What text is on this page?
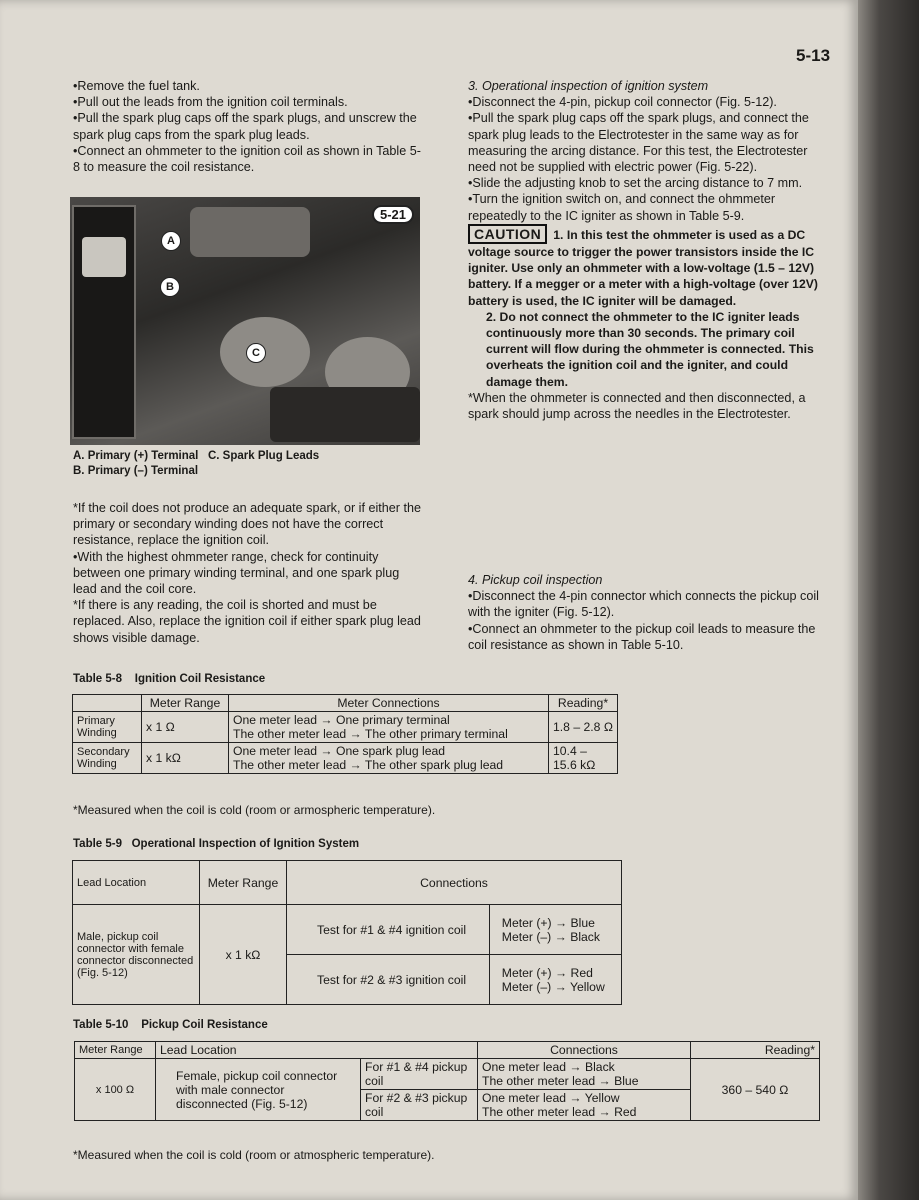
5-13

•Remove the fuel tank.

•Pull out the leads from the ignition coil terminals.

•Pull the spark plug caps off the spark plugs, and unscrew the spark plug caps from the spark plug leads.

•Connect an ohmmeter to the ignition coil as shown in Table 5-8 to measure the coil resistance.

5-21
A
B
C
A. Primary (+) Terminal C. Spark Plug Leads
B. Primary (–) Terminal

*If the coil does not produce an adequate spark, or if either the primary or secondary winding does not have the correct resistance, replace the ignition coil.

•With the highest ohmmeter range, check for continuity between one primary winding terminal, and one spark plug lead and the coil core.

*If there is any reading, the coil is shorted and must be replaced. Also, replace the ignition coil if either spark plug lead shows visible damage.

3. Operational inspection of ignition system

•Disconnect the 4-pin, pickup coil connector (Fig. 5-12).

•Pull the spark plug caps off the spark plugs, and connect the spark plug leads to the Electrotester in the same way as for measuring the arcing distance. For this test, the Electrotester need not be supplied with electric power (Fig. 5-22).

•Slide the adjusting knob to set the arcing distance to 7 mm.

•Turn the ignition switch on, and connect the ohmmeter repeatedly to the IC igniter as shown in Table 5-9.

CAUTION 1. In this test the ohmmeter is used as a DC voltage source to trigger the power transistors inside the IC igniter. Use only an ohmmeter with a low-voltage (1.5 – 12V) battery. If a megger or a meter with a high-voltage (over 12V) battery is used, the IC igniter will be damaged.

2. Do not connect the ohmmeter to the IC igniter leads continuously more than 30 seconds. The primary coil current will flow during the ohmmeter is connected. This overheats the ignition coil and the igniter, and could damage them.

*When the ohmmeter is connected and then disconnected, a spark should jump across the needles in the Electrotester.

4. Pickup coil inspection

•Disconnect the 4-pin connector which connects the pickup coil with the igniter (Fig. 5-12).

•Connect an ohmmeter to the pickup coil leads to measure the coil resistance as shown in Table 5-10.

Table 5-8 Ignition Coil Resistance
	Meter Range	Meter Connections	Reading*
Primary Winding	x 1 Ω	One meter lead → One primary terminal
The other meter lead → The other primary terminal	1.8 – 2.8 Ω
Secondary Winding	x 1 kΩ	One meter lead → One spark plug lead
The other meter lead → The other spark plug lead	10.4 – 15.6 kΩ
*Measured when the coil is cold (room or armospheric temperature).
Table 5-9 Operational Inspection of Ignition System
Lead Location	Meter Range	Connections	
Male, pickup coil connector with female connector disconnected (Fig. 5-12)	x 1 kΩ	Test for #1 & #4 ignition coil	Meter (+) → Blue
Meter (–) → Black

		Test for #2 & #3 ignition coil	Meter (+) → Red
Meter (–) → Yellow
Table 5-10 Pickup Coil Resistance
Meter Range	Lead Location		Connections	Reading*
x 100 Ω	Female, pickup coil connector with male connector disconnected (Fig. 5-12)	For #1 & #4 pickup coil	One meter lead → Black
The other meter lead → Blue	360 – 540 Ω
		For #2 & #3 pickup coil	One meter lead → Yellow
The other meter lead → Red	
*Measured when the coil is cold (room or atmospheric temperature).
